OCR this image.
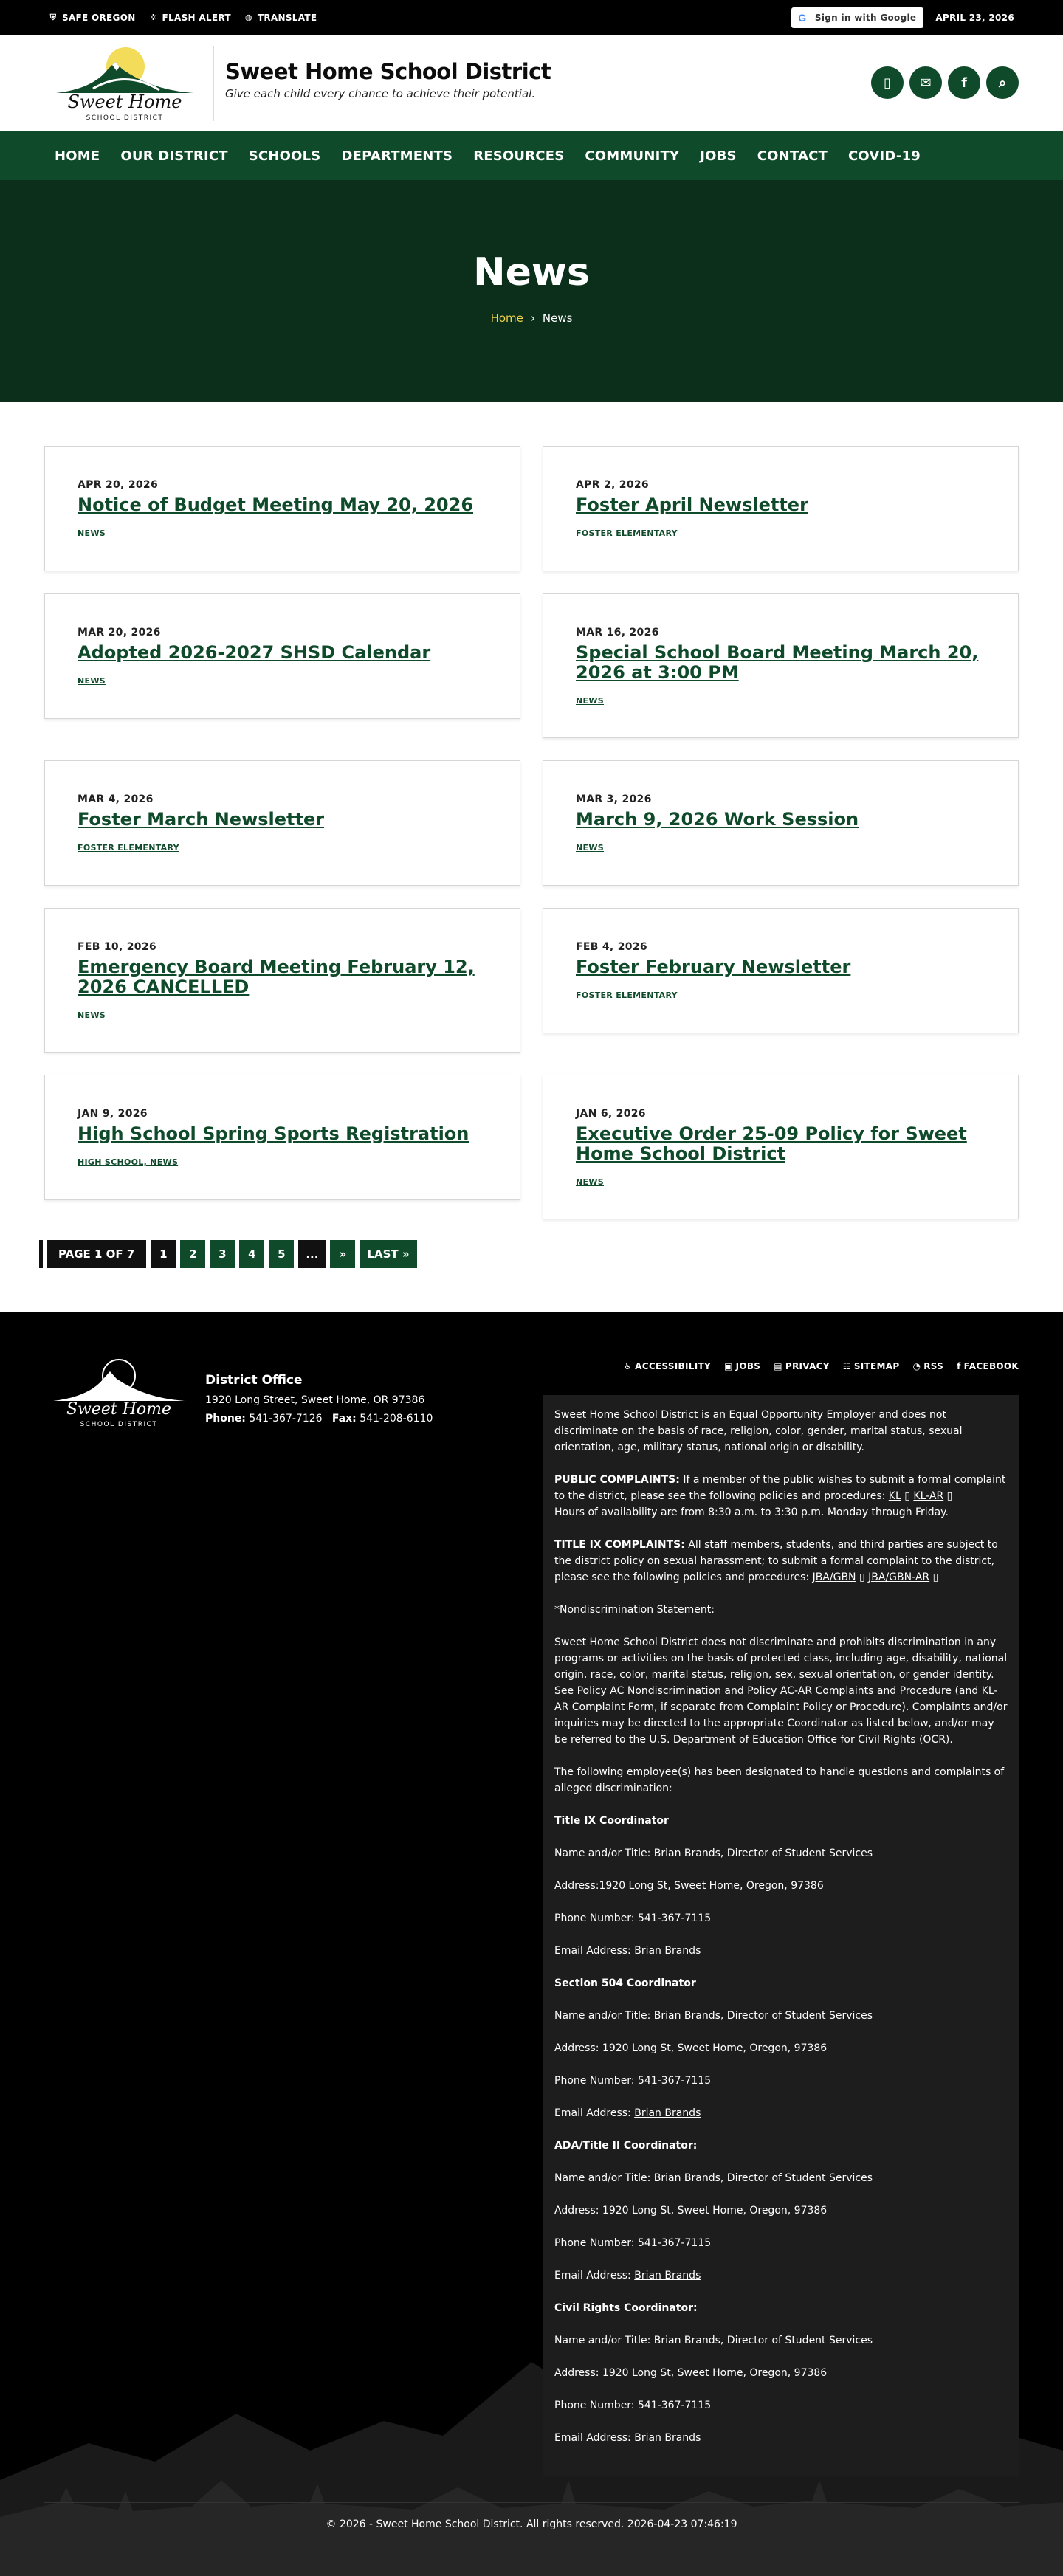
⛨ SAFE OREGON ✲ FLASH ALERT ◍ TRANSLATE	G Sign in with Google APRIL 23, 2026
Sweet Home
SCHOOL DISTRICT
Sweet Home School District
Give each child every chance to achieve their potential.
▯	✉	f	⌕
HOME	OUR DISTRICT	SCHOOLS	DEPARTMENTS	RESOURCES	COMMUNITY	JOBS	CONTACT	COVID-19
News
Home › News
APR 20, 2026
Notice of Budget Meeting May 20, 2026
NEWS
APR 2, 2026
Foster April Newsletter
FOSTER ELEMENTARY
MAR 20, 2026
Adopted 2026-2027 SHSD Calendar
NEWS
MAR 16, 2026
Special School Board Meeting March 20, 2026 at 3:00 PM
NEWS
MAR 4, 2026
Foster March Newsletter
FOSTER ELEMENTARY
MAR 3, 2026
March 9, 2026 Work Session
NEWS
FEB 10, 2026
Emergency Board Meeting February 12, 2026 CANCELLED
NEWS
FEB 4, 2026
Foster February Newsletter
FOSTER ELEMENTARY
JAN 9, 2026
High School Spring Sports Registration
HIGH SCHOOL, NEWS
JAN 6, 2026
Executive Order 25-09 Policy for Sweet Home School District
NEWS
PAGE 1 OF 7	1	2	3	4	5	...	»	LAST »
Sweet Home
SCHOOL DISTRICT
District Office
1920 Long Street, Sweet Home, OR 97386
Phone: 541-367-7126 Fax: 541-208-6110
♿ ACCESSIBILITY ▣ JOBS ▤ PRIVACY ☷ SITEMAP ◔ RSS f FACEBOOK

Sweet Home School District is an Equal Opportunity Employer and does not discriminate on the basis of race, religion, color, gender, marital status, sexual orientation, age, military status, national origin or disability.

PUBLIC COMPLAINTS: If a member of the public wishes to submit a formal complaint to the district, please see the following policies and procedures: KL ▯ KL-AR ▯
Hours of availability are from 8:30 a.m. to 3:30 p.m. Monday through Friday.

TITLE IX COMPLAINTS: All staff members, students, and third parties are subject to the district policy on sexual harassment; to submit a formal complaint to the district, please see the following policies and procedures: JBA/GBN ▯ JBA/GBN-AR ▯

*Nondiscrimination Statement:

Sweet Home School District does not discriminate and prohibits discrimination in any programs or activities on the basis of protected class, including age, disability, national origin, race, color, marital status, religion, sex, sexual orientation, or gender identity. See Policy AC Nondiscrimination and Policy AC-AR Complaints and Procedure (and KL-AR Complaint Form, if separate from Complaint Policy or Procedure). Complaints and/or inquiries may be directed to the appropriate Coordinator as listed below, and/or may be referred to the U.S. Department of Education Office for Civil Rights (OCR).

The following employee(s) has been designated to handle questions and complaints of alleged discrimination:

Title IX Coordinator

Name and/or Title: Brian Brands, Director of Student Services

Address:1920 Long St, Sweet Home, Oregon, 97386

Phone Number: 541-367-7115

Email Address: Brian Brands

Section 504 Coordinator

Name and/or Title: Brian Brands, Director of Student Services

Address: 1920 Long St, Sweet Home, Oregon, 97386

Phone Number: 541-367-7115

Email Address: Brian Brands

ADA/Title II Coordinator:

Name and/or Title: Brian Brands, Director of Student Services

Address: 1920 Long St, Sweet Home, Oregon, 97386

Phone Number: 541-367-7115

Email Address: Brian Brands

Civil Rights Coordinator:

Name and/or Title: Brian Brands, Director of Student Services

Address: 1920 Long St, Sweet Home, Oregon, 97386

Phone Number: 541-367-7115

Email Address: Brian Brands

© 2026 - Sweet Home School District. All rights reserved. 2026-04-23 07:46:19
